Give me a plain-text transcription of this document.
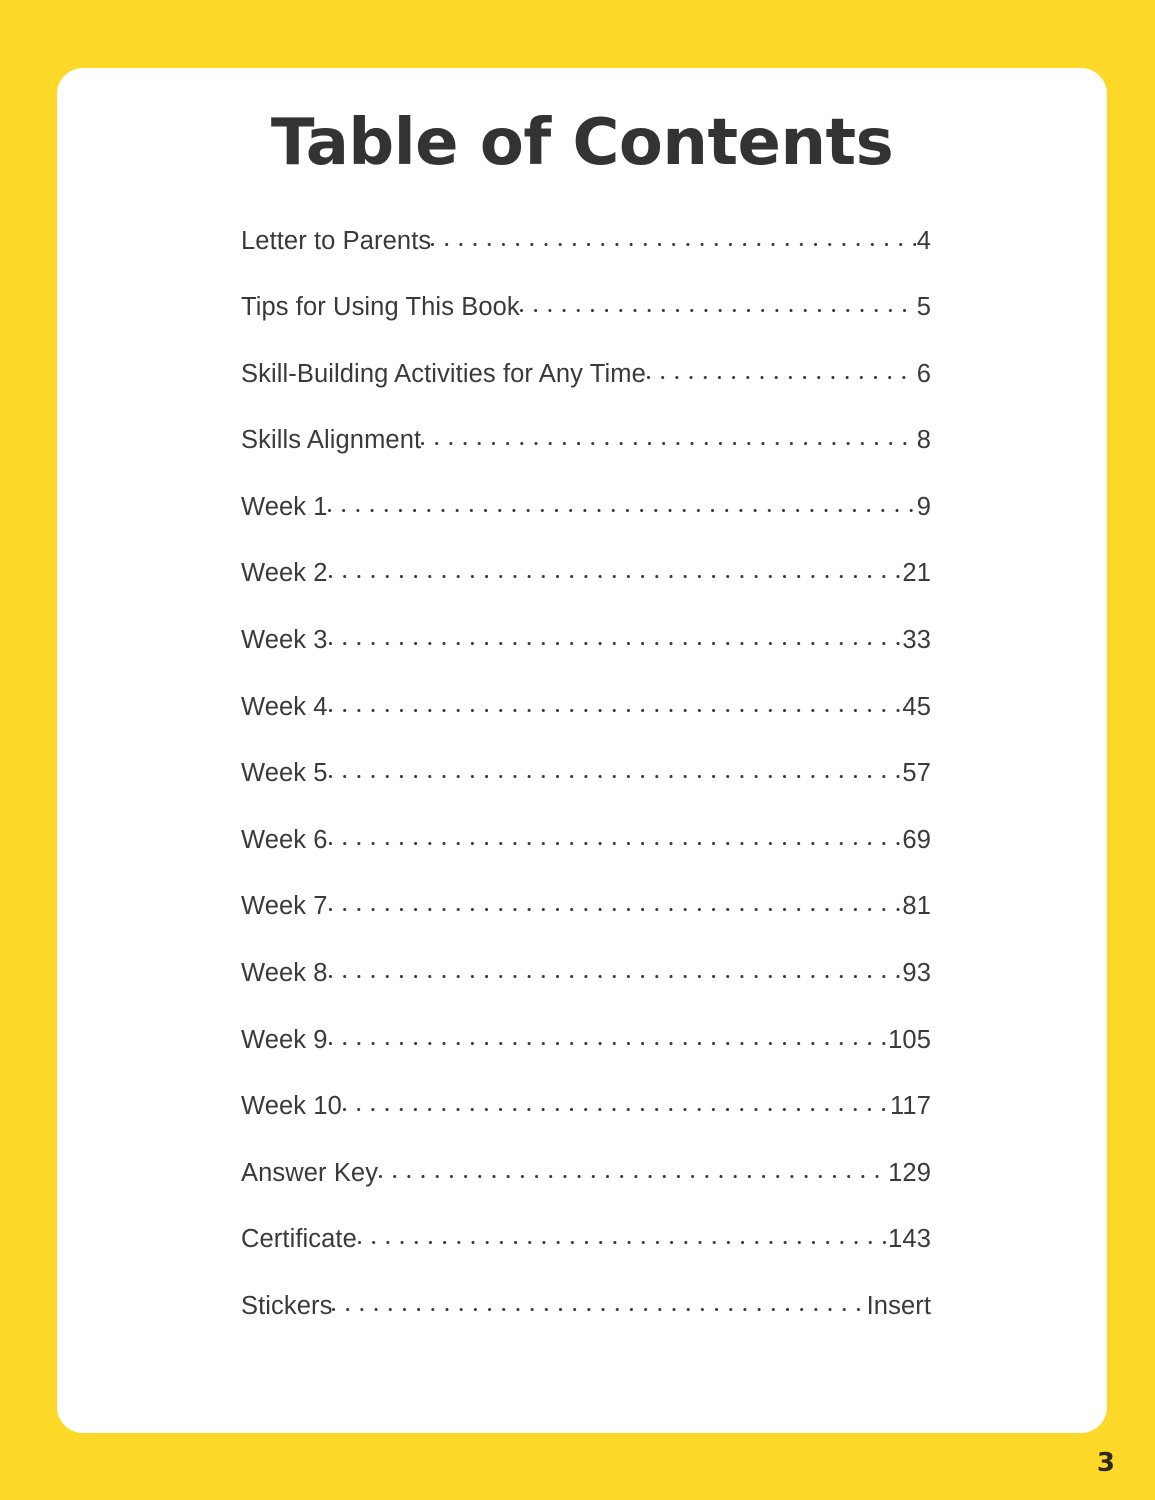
Table of Contents
Letter to Parents	4
Tips for Using This Book	5
Skill-Building Activities for Any Time	6
Skills Alignment	8
Week 1	9
Week 2	21
Week 3	33
Week 4	45
Week 5	57
Week 6	69
Week 7	81
Week 8	93
Week 9	105
Week 10	117
Answer Key	129
Certificate	143
Stickers	Insert
3
